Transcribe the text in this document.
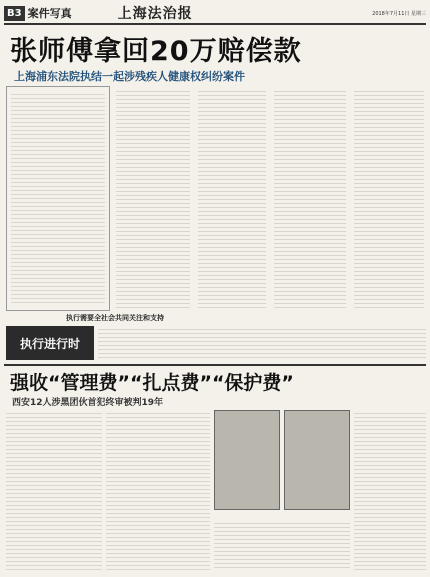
B3 案件写真	上海法治报	2018年7月11日 星期三
张师傅拿回20万赔偿款
上海浦东法院执结一起涉残疾人健康权纠纷案件
执行需要全社会共同关注和支持
执行进行时
强收“管理费”“扎点费”“保护费”
西安12人涉黑团伙首犯终审被判19年
